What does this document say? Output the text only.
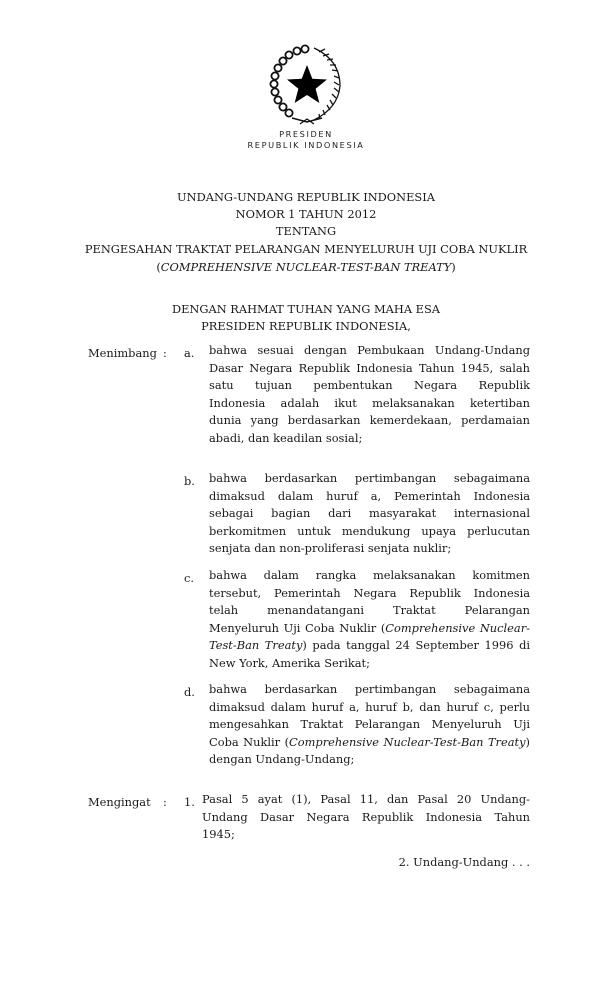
PRESIDEN
REPUBLIK INDONESIA
UNDANG-UNDANG REPUBLIK INDONESIA
NOMOR 1 TAHUN 2012
TENTANG
PENGESAHAN TRAKTAT PELARANGAN MENYELURUH UJI COBA NUKLIR
(COMPREHENSIVE NUCLEAR-TEST-BAN TREATY)
DENGAN RAHMAT TUHAN YANG MAHA ESA
PRESIDEN REPUBLIK INDONESIA,
Menimbang : a. bahwa sesuai dengan Pembukaan Undang-Undang
Dasar Negara Republik Indonesia Tahun 1945, salah
satu tujuan pembentukan Negara Republik
Indonesia adalah ikut melaksanakan ketertiban
dunia yang berdasarkan kemerdekaan, perdamaian
abadi, dan keadilan sosial;
b. bahwa berdasarkan pertimbangan sebagaimana
dimaksud dalam huruf a, Pemerintah Indonesia
sebagai bagian dari masyarakat internasional
berkomitmen untuk mendukung upaya perlucutan
senjata dan non-proliferasi senjata nuklir;
c. bahwa dalam rangka melaksanakan komitmen
tersebut, Pemerintah Negara Republik Indonesia
telah menandatangani Traktat Pelarangan
Menyeluruh Uji Coba Nuklir (Comprehensive Nuclear-
Test-Ban Treaty) pada tanggal 24 September 1996 di
New York, Amerika Serikat;
d. bahwa berdasarkan pertimbangan sebagaimana
dimaksud dalam huruf a, huruf b, dan huruf c, perlu
mengesahkan Traktat Pelarangan Menyeluruh Uji
Coba Nuklir (Comprehensive Nuclear-Test-Ban Treaty)
dengan Undang-Undang;
Mengingat : 1. Pasal 5 ayat (1), Pasal 11, dan Pasal 20 Undang-
Undang Dasar Negara Republik Indonesia Tahun
1945;
2. Undang-Undang . . .
